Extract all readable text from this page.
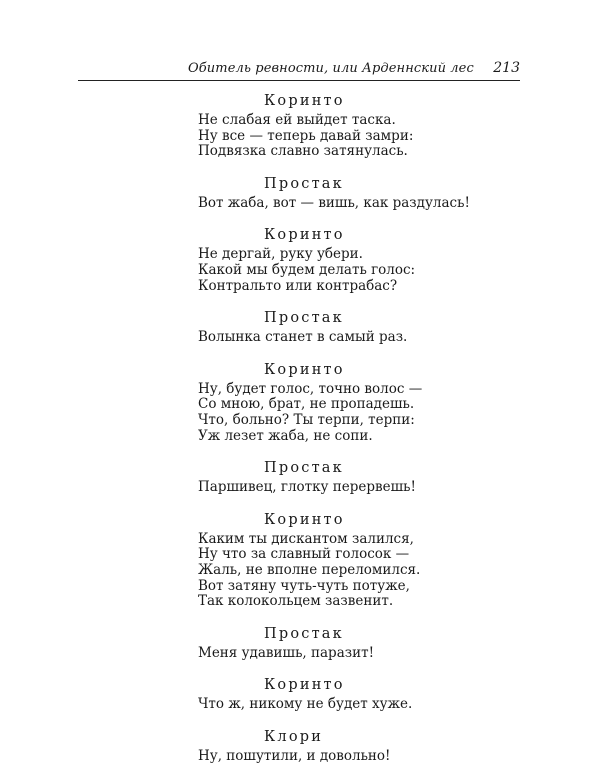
Обитель ревности, или Арденнский лес 213
Коринто
Не слабая ей выйдет таска.
Ну все — теперь давай замри:
Подвязка славно затянулась.
Простак
Вот жаба, вот — вишь, как раздулась!
Коринто
Не дергай, руку убери.
Какой мы будем делать голос:
Контральто или контрабас?
Простак
Волынка станет в самый раз.
Коринто
Ну, будет голос, точно волос —
Со мною, брат, не пропадешь.
Что, больно? Ты терпи, терпи:
Уж лезет жаба, не сопи.
Простак
Паршивец, глотку перервешь!
Коринто
Каким ты дискантом залился,
Ну что за славный голосок —
Жаль, не вполне переломился.
Вот затяну чуть-чуть потуже,
Так колокольцем зазвенит.
Простак
Меня удавишь, паразит!
Коринто
Что ж, никому не будет хуже.
Клори
Ну, пошутили, и довольно!
